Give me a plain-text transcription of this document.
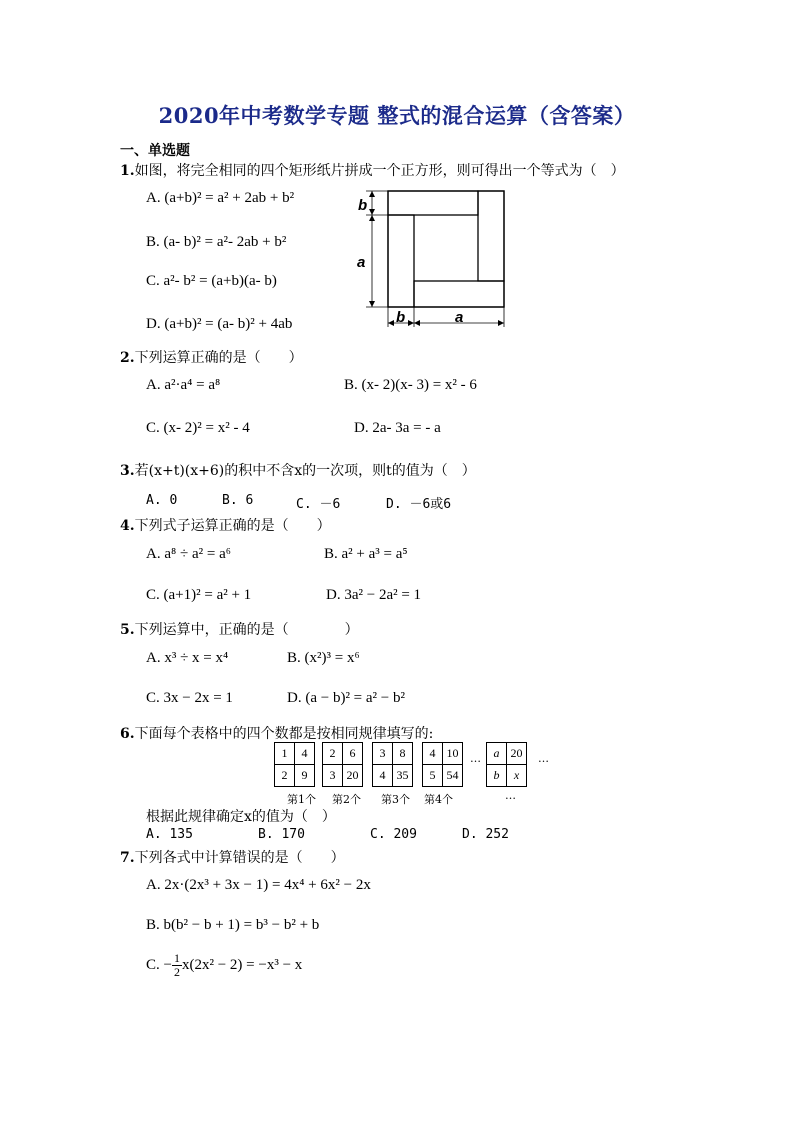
2020年中考数学专题 整式的混合运算（含答案）
一、单选题
1.如图，将完全相同的四个矩形纸片拼成一个正方形，则可得出一个等式为（　）
A. (a+b)² = a² + 2ab + b²
B. (a- b)² = a²- 2ab + b²
C. a²- b² = (a+b)(a- b)
D. (a+b)² = (a- b)² + 4ab
b
a
b	a
2.下列运算正确的是（　　）
A. a²·a⁴ = a⁸	B. (x- 2)(x- 3) = x² - 6
C. (x- 2)² = x² - 4	D. 2a- 3a = - a
3.若(x+t)(x+6)的积中不含x的一次项，则t的值为（　）
A. 0	B. 6	C. －6	D. －6或6
4.下列式子运算正确的是（　　）
A. a⁸ ÷ a² = a⁶	B. a² + a³ = a⁵
C. (a+1)² = a² + 1	D. 3a² − 2a² = 1
5.下列运算中，正确的是（　　　　）
A. x³ ÷ x = x⁴	B. (x²)³ = x⁶
C. 3x − 2x = 1	D. (a − b)² = a² − b²
6.下面每个表格中的四个数都是按相同规律填写的:
1	4
2	9
2	6
3	20
3	8
4	35
4	10
5	54
… a	20
b	x
…
第1个 第2个 第3个 第4个	…
根据此规律确定x的值为（　）
A. 135	B. 170	C. 209	D. 252
7.下列各式中计算错误的是（　　）
A. 2x·(2x³ + 3x − 1) = 4x⁴ + 6x² − 2x
B. b(b² − b + 1) = b³ − b² + b
C. − $\frac{1}{2} x(2x^2 - 2) = -x^3 - x$
